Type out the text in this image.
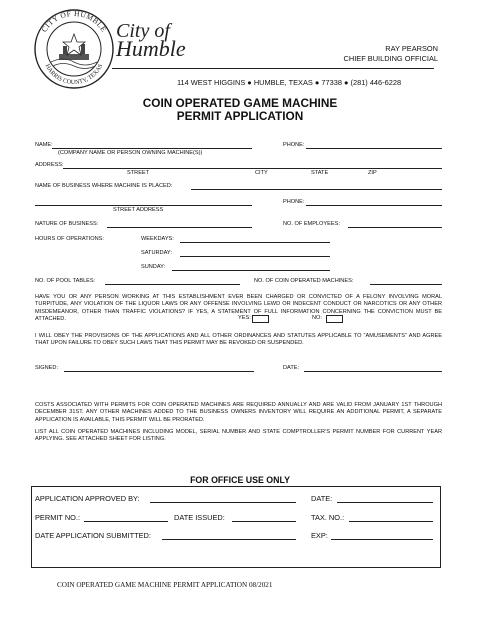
CITY OF HUMBLE
HARRIS COUNTY, TEXAS
City of
Humble	RAY PEARSON
CHIEF BUILDING OFFICIAL
114 WEST HIGGINS ● HUMBLE, TEXAS ● 77338 ● (281) 446-6228
COIN OPERATED GAME MACHINE
PERMIT APPLICATION
NAME:
(COMPANY NAME OR PERSON OWNING MACHINE(S))
PHONE:
ADDRESS:
STREET	CITY	STATE	ZIP
NAME OF BUSINESS WHERE MACHINE IS PLACED:
PHONE:
STREET ADDRESS
NATURE OF BUSINESS:	NO. OF EMPLOYEES:
HOURS OF OPERATIONS:	WEEKDAYS:
SATURDAY:
SUNDAY:
NO. OF POOL TABLES:	NO. OF COIN OPERATED MACHINES:
HAVE YOU OR ANY PERSON WORKING AT THIS ESTABLISHMENT EVER BEEN CHARGED OR CONVICTED OF A FELONY INVOLVING MORAL TURPITUDE, ANY VIOLATION OF THE LIQUOR LAWS OR ANY OFFENSE INVOLVING LEWD OR INDECENT CONDUCT OR NARCOTICS OR ANY OTHER MISDEMEANOR, OTHER THAN TRAFFIC VIOLATIONS? IF YES, A STATEMENT OF FULL INFORMATION CONCERNING THE CONVICTION MUST BE ATTACHED.	YES:	NO:
I WILL OBEY THE PROVISIONS OF THE APPLICATIONS AND ALL OTHER ORDINANCES AND STATUTES APPLICABLE TO “AMUSEMENTS” AND AGREE THAT UPON FAILURE TO OBEY SUCH LAWS THAT THIS PERMIT MAY BE REVOKED OR SUSPENDED.
SIGNED:	DATE:
COSTS ASSOCIATED WITH PERMITS FOR COIN OPERATED MACHINES ARE REQUIRED ANNUALLY AND ARE VALID FROM JANUARY 1ST THROUGH DECEMBER 31ST. ANY OTHER MACHINES ADDED TO THE BUSINESS OWNERS INVENTORY WILL REQUIRE AN ADDITIONAL PERMIT, A SEPARATE APPLICATION IS AVAILABLE, THIS PERMIT WILL BE PRORATED.
LIST ALL COIN OPERATED MACHINES INCLUDING MODEL, SERIAL NUMBER AND STATE COMPTROLLER’S PERMIT NUMBER FOR CURRENT YEAR APPLYING. SEE ATTACHED SHEET FOR LISTING.
FOR OFFICE USE ONLY
APPLICATION APPROVED BY:	DATE:
PERMIT NO.:	DATE ISSUED:	TAX. NO.:
DATE APPLICATION SUBMITTED:	EXP:
COIN OPERATED GAME MACHINE PERMIT APPLICATION 08/2021
